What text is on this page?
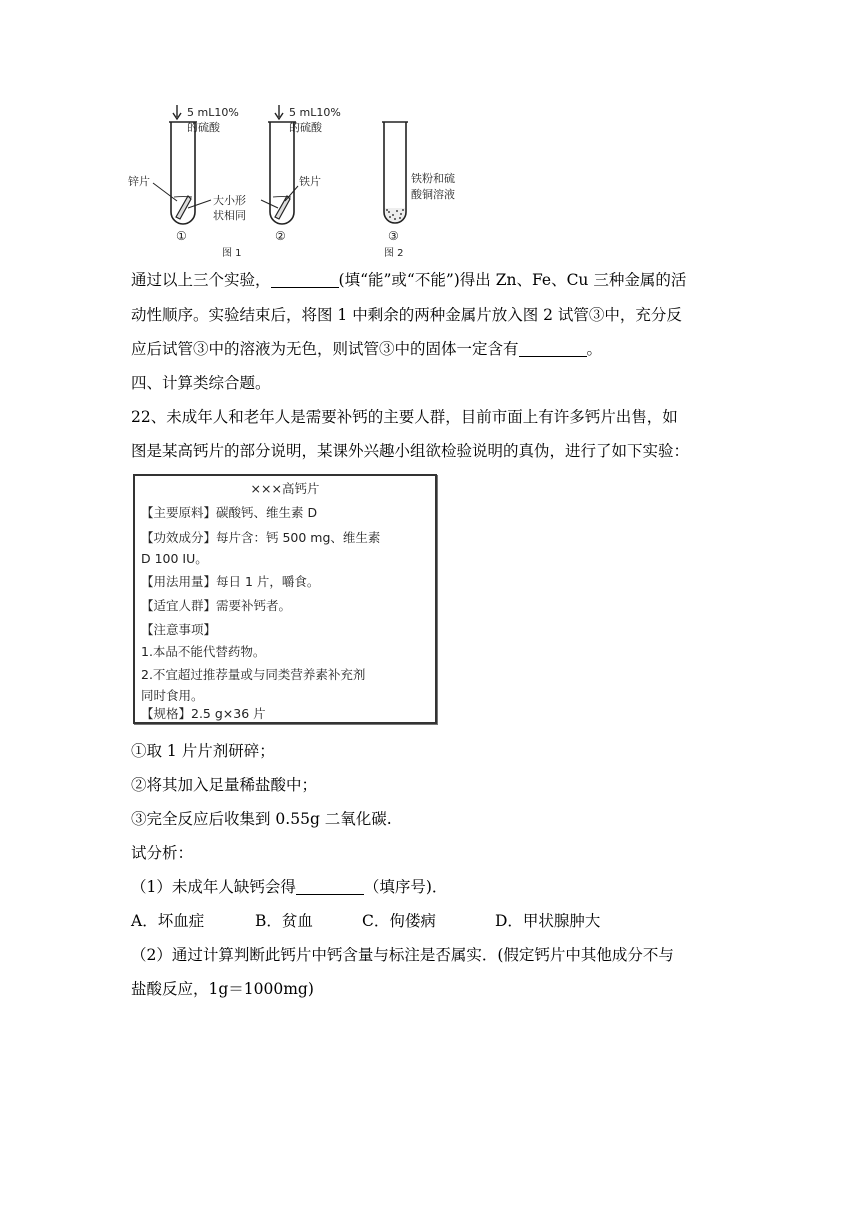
5 mL10%
的硫酸
5 mL10%
的硫酸
锌片	铁片
大小形
状相同
铁粉和硫
酸铜溶液
①	②	③
图 1	图 2
通过以上三个实验，	(填“能”或“不能”)得出 Zn、Fe、Cu 三种金属的活
动性顺序。实验结束后，将图 1 中剩余的两种金属片放入图 2 试管③中，充分反
应后试管③中的溶液为无色，则试管③中的固体一定含有	。
四、计算类综合题。
22、未成年人和老年人是需要补钙的主要人群，目前市面上有许多钙片出售，如
图是某高钙片的部分说明，某课外兴趣小组欲检验说明的真伪，进行了如下实验：
×××高钙片
【主要原料】碳酸钙、维生素 D
【功效成分】每片含：钙 500 mg、维生素
D 100 IU。
【用法用量】每日 1 片，嚼食。
【适宜人群】需要补钙者。
【注意事项】
1.本品不能代替药物。
2.不宜超过推荐量或与同类营养素补充剂
同时食用。
【规格】2.5 g×36 片
①取 1 片片剂研碎；
②将其加入足量稀盐酸中；
③完全反应后收集到 0.55g 二氧化碳.
试分析：
（1）未成年人缺钙会得	（填序号)．
A．坏血症	B．贫血	C．佝偻病	D．甲状腺肿大
（2）通过计算判断此钙片中钙含量与标注是否属实．(假定钙片中其他成分不与
盐酸反应，1g＝1000mg)
